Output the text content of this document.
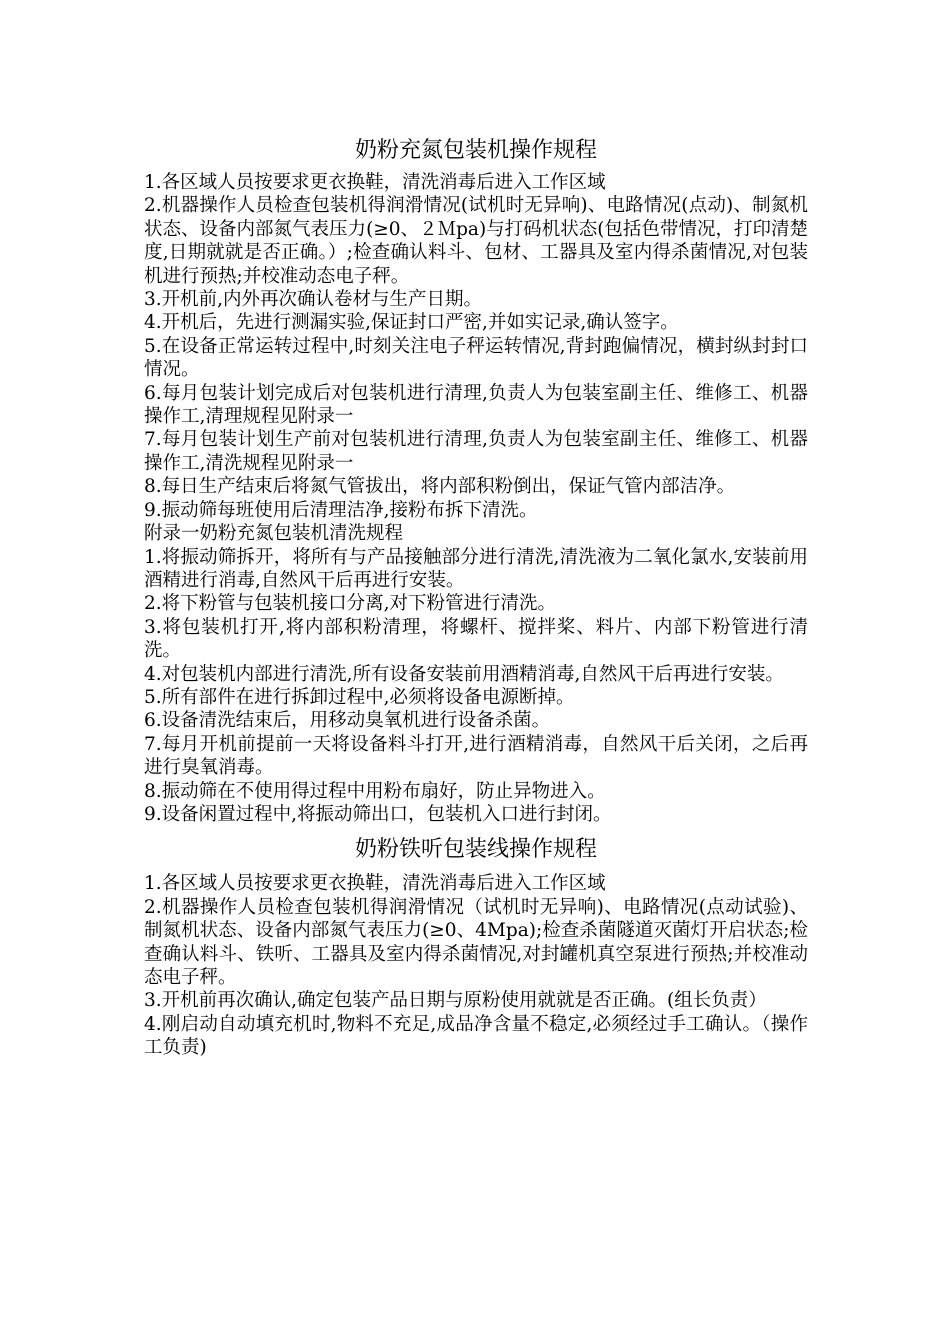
奶粉充氮包装机操作规程

1.各区域人员按要求更衣换鞋，清洗消毒后进入工作区域

2.机器操作人员检查包装机得润滑情况(试机时无异响)、电路情况(点动)、制氮机状态、设备内部氮气表压力(≥0、２Ｍpa)与打码机状态(包括色带情况，打印清楚度,日期就就是否正确。）;检查确认料斗、包材、工器具及室内得杀菌情况,对包装机进行预热;并校准动态电子秤。

3.开机前,内外再次确认卷材与生产日期。

4.开机后，先进行测漏实验,保证封口严密,并如实记录,确认签字。

5.在设备正常运转过程中,时刻关注电子秤运转情况,背封跑偏情况，横封纵封封口情况。

6.每月包装计划完成后对包装机进行清理,负责人为包装室副主任、维修工、机器操作工,清理规程见附录一

7.每月包装计划生产前对包装机进行清理,负责人为包装室副主任、维修工、机器操作工,清洗规程见附录一

8.每日生产结束后将氮气管拔出，将内部积粉倒出，保证气管内部洁净。

9.振动筛每班使用后清理洁净,接粉布拆下清洗。

附录一奶粉充氮包装机清洗规程

1.将振动筛拆开，将所有与产品接触部分进行清洗,清洗液为二氧化氯水,安装前用酒精进行消毒,自然风干后再进行安装。

2.将下粉管与包装机接口分离,对下粉管进行清洗。

3.将包装机打开,将内部积粉清理，将螺杆、搅拌桨、料片、内部下粉管进行清洗。

4.对包装机内部进行清洗,所有设备安装前用酒精消毒,自然风干后再进行安装。

5.所有部件在进行拆卸过程中,必须将设备电源断掉。

6.设备清洗结束后，用移动臭氧机进行设备杀菌。

7.每月开机前提前一天将设备料斗打开,进行酒精消毒，自然风干后关闭，之后再进行臭氧消毒。

8.振动筛在不使用得过程中用粉布扇好，防止异物进入。

9.设备闲置过程中,将振动筛出口，包装机入口进行封闭。

奶粉铁听包装线操作规程

1.各区域人员按要求更衣换鞋，清洗消毒后进入工作区域

2.机器操作人员检查包装机得润滑情况（试机时无异响)、电路情况(点动试验)、制氮机状态、设备内部氮气表压力(≥0、4Mpa);检查杀菌隧道灭菌灯开启状态;检查确认料斗、铁听、工器具及室内得杀菌情况,对封罐机真空泵进行预热;并校准动态电子秤。

3.开机前再次确认,确定包装产品日期与原粉使用就就是否正确。(组长负责）

4.刚启动自动填充机时,物料不充足,成品净含量不稳定,必须经过手工确认。（操作工负责)
